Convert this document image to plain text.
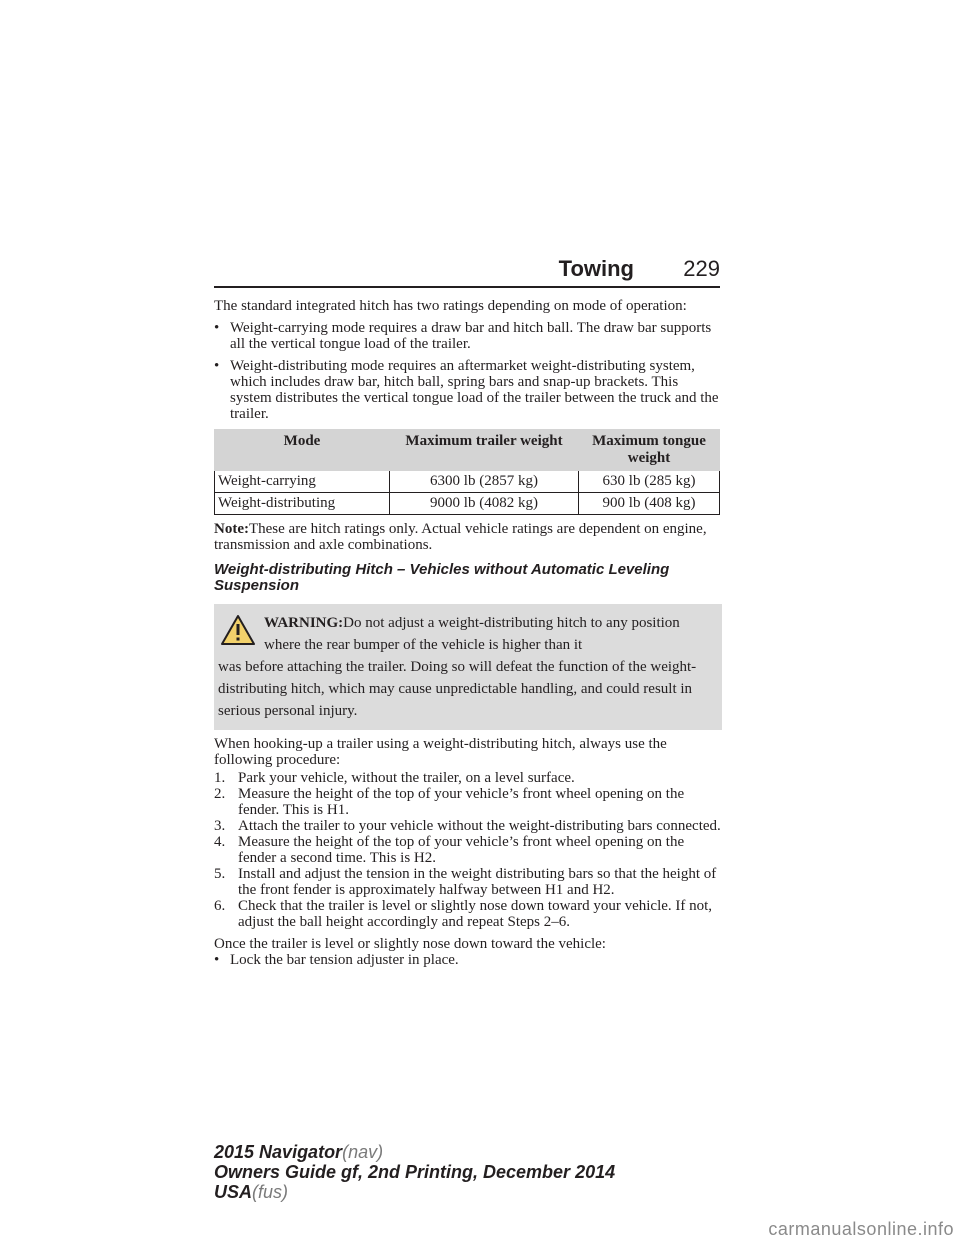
Towing 229

The standard integrated hitch has two ratings depending on mode of operation:

• Weight-carrying mode requires a draw bar and hitch ball. The draw bar supports all the vertical tongue load of the trailer.
• Weight-distributing mode requires an aftermarket weight-distributing system, which includes draw bar, hitch ball, spring bars and snap-up brackets. This system distributes the vertical tongue load of the trailer between the truck and the trailer.
Mode	Maximum trailer weight	Maximum tongue weight
Weight-carrying	6300 lb (2857 kg)	630 lb (285 kg)
Weight-distributing	9000 lb (4082 kg)	900 lb (408 kg)

Note:These are hitch ratings only. Actual vehicle ratings are dependent on engine, transmission and axle combinations.

Weight-distributing Hitch – Vehicles without Automatic Leveling Suspension
WARNING:Do not adjust a weight-distributing hitch to any position where the rear bumper of the vehicle is higher than it
was before attaching the trailer. Doing so will defeat the function of the weight-distributing hitch, which may cause unpredictable handling, and could result in serious personal injury.

When hooking-up a trailer using a weight-distributing hitch, always use the following procedure:

1. Park your vehicle, without the trailer, on a level surface.
2. Measure the height of the top of your vehicle’s front wheel opening on the fender. This is H1.
3. Attach the trailer to your vehicle without the weight-distributing bars connected.
4. Measure the height of the top of your vehicle’s front wheel opening on the fender a second time. This is H2.
5. Install and adjust the tension in the weight distributing bars so that the height of the front fender is approximately halfway between H1 and H2.
6. Check that the trailer is level or slightly nose down toward your vehicle. If not, adjust the ball height accordingly and repeat Steps 2–6.

Once the trailer is level or slightly nose down toward the vehicle:

• Lock the bar tension adjuster in place.
2015 Navigator(nav)
Owners Guide gf, 2nd Printing, December 2014
USA(fus)
carmanualsonline.info
